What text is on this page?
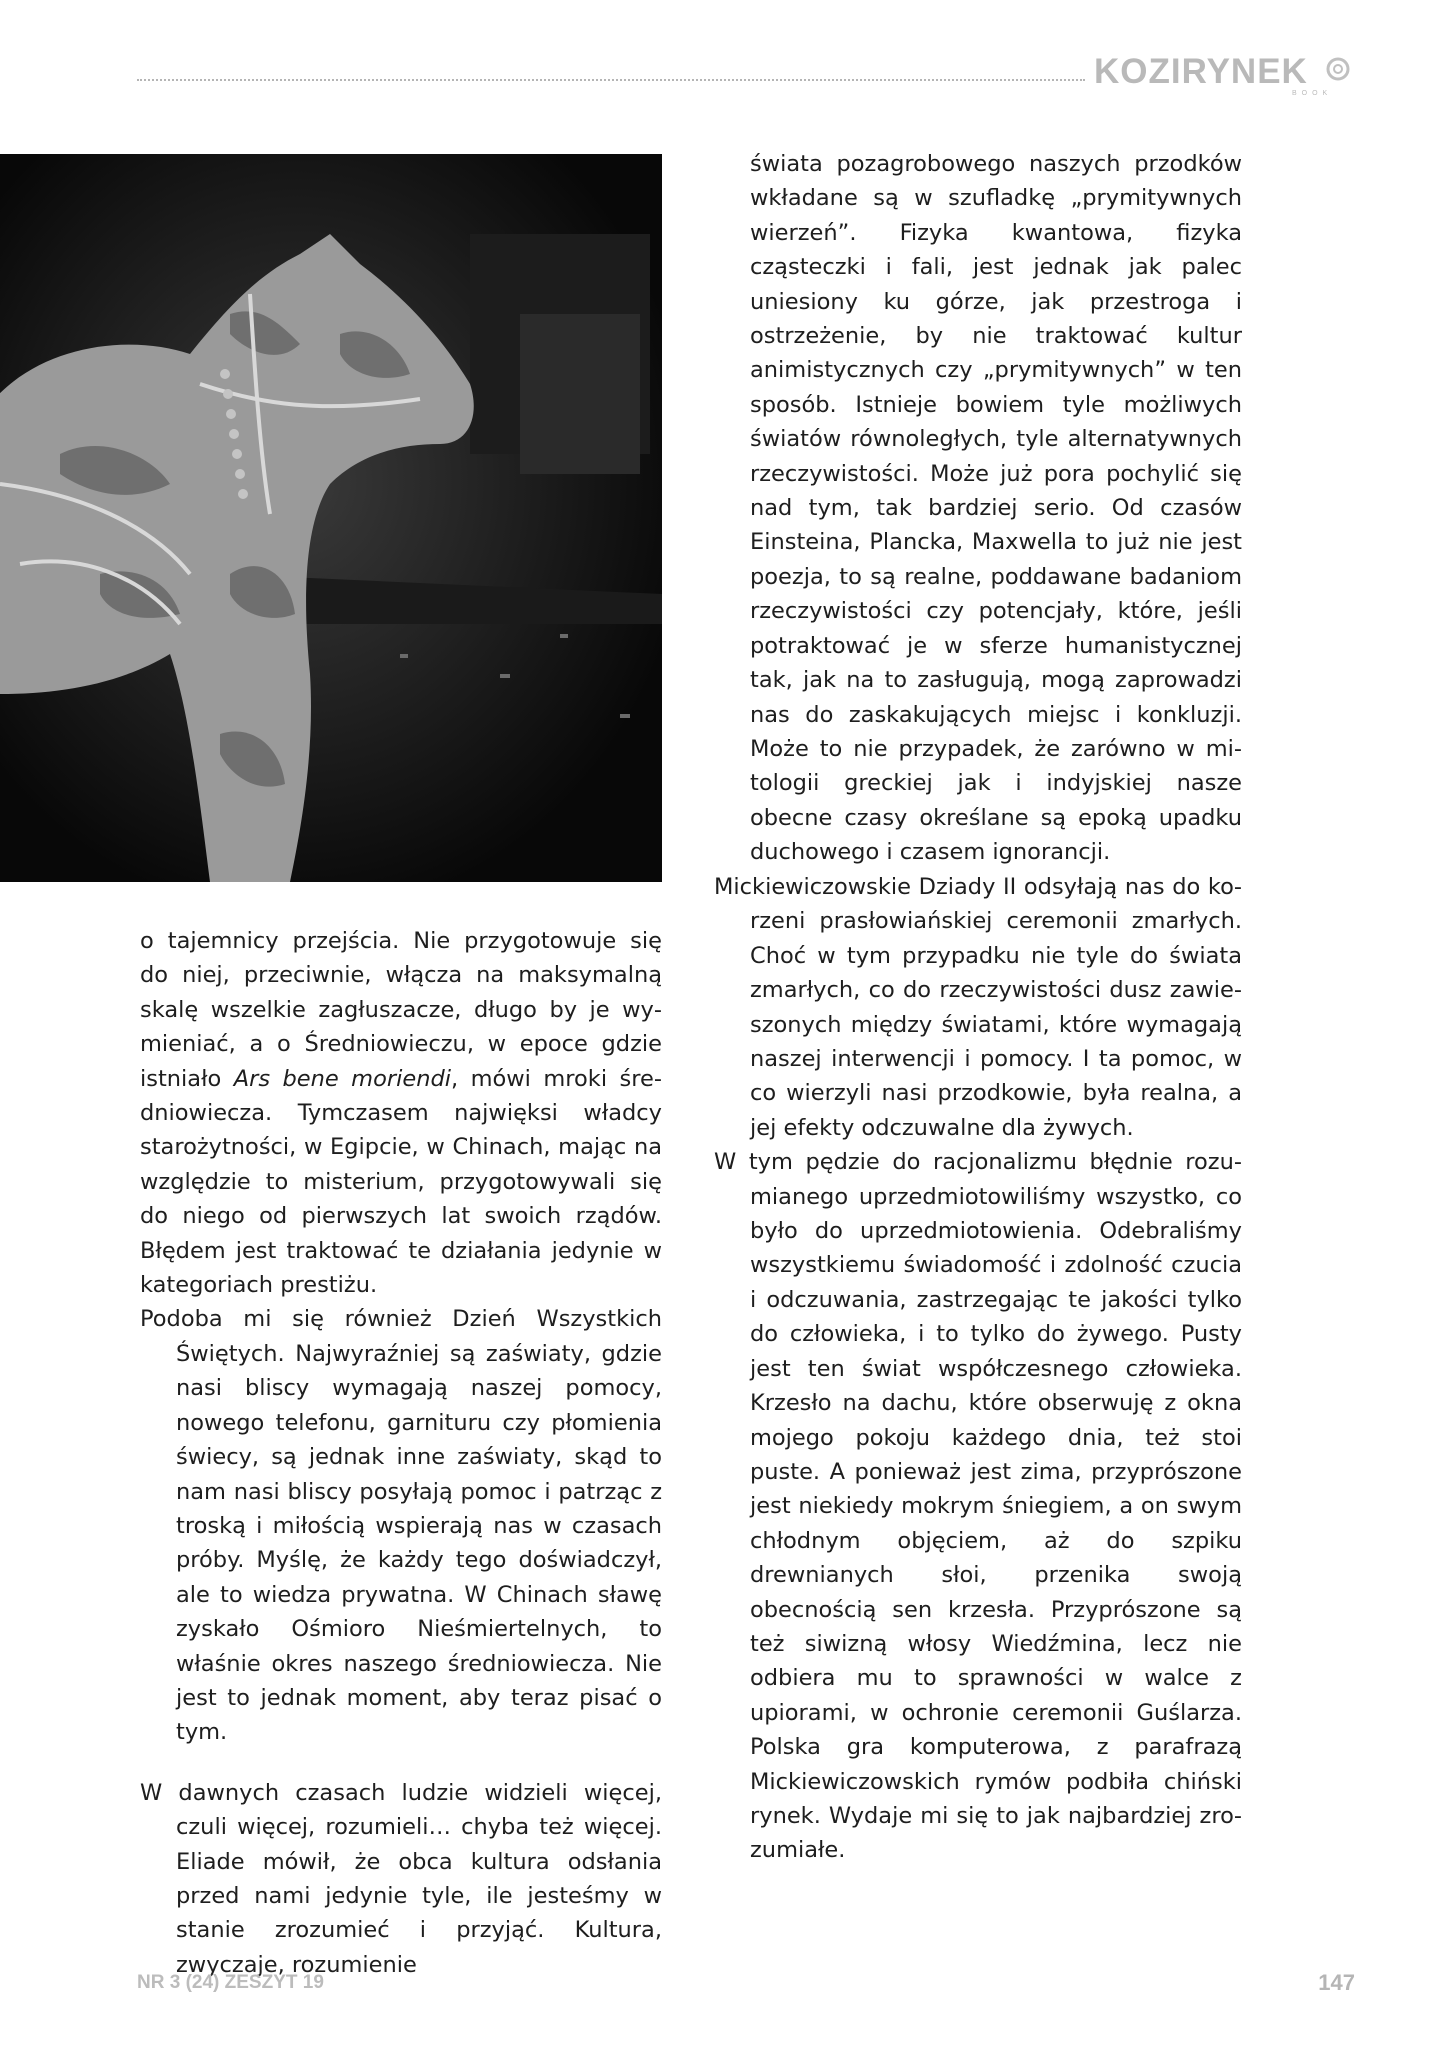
KOZIRYNEK
BOOK

świata pozagrobowego naszych przodków wkładane są w szufladkę „prymitywnych wierzeń”. Fizyka kwantowa, fizyka cząsteczki i fali, jest jednak jak palec uniesiony ku górze, jak przestroga i ostrzeżenie, by nie traktować kultur animistycznych czy „prymitywnych” w ten sposób. Istnieje bowiem tyle możliwych światów równoległych, tyle alternatywnych rzeczywistości. Może już pora pochylić się nad tym, tak bardziej serio. Od czasów Einsteina, Plancka, Maxwella to już nie jest poezja, to są realne, poddawane badaniom rzeczywistości czy potencjały, które, jeśli potraktować je w sferze humanistycznej tak, jak na to zasługują, mogą zaprowadzi nas do zaskakujących miejsc i konkluzji. Może to nie przypadek, że zarówno w mitologii greckiej jak i indyjskiej nasze obecne czasy określane są epoką upadku duchowego i czasem ignorancji.

o tajemnicy przejścia. Nie przygotowuje się do niej, przeciwnie, włącza na maksymalną skalę wszelkie zagłuszacze, długo by je wymieniać, a o Średniowieczu, w epoce gdzie istniało Ars bene moriendi, mówi mroki średniowiecza. Tymczasem najwięksi władcy starożytności, w Egipcie, w Chinach, mając na względzie to misterium, przygotowywali się do niego od pierwszych lat swoich rządów. Błędem jest traktować te działania jedynie w kategoriach prestiżu.

Podoba mi się również Dzień Wszystkich Świętych. Najwyraźniej są zaświaty, gdzie nasi bliscy wymagają naszej pomocy, nowego telefonu, garnituru czy płomienia świecy, są jednak inne zaświaty, skąd to nam nasi bliscy posyłają pomoc i patrząc z troską i miłością wspierają nas w czasach próby. Myślę, że każdy tego doświadczył, ale to wiedza prywatna. W Chinach sławę zyskało Ośmioro Nieśmiertelnych, to właśnie okres naszego średniowiecza. Nie jest to jednak moment, aby teraz pisać o tym.

W dawnych czasach ludzie widzieli więcej, czuli więcej, rozumieli… chyba też więcej. Eliade mówił, że obca kultura odsłania przed nami jedynie tyle, ile jesteśmy w stanie zrozumieć i przyjąć. Kultura, zwyczaje, rozumienie

Mickiewiczowskie Dziady II odsyłają nas do korzeni prasłowiańskiej ceremonii zmarłych. Choć w tym przypadku nie tyle do świata zmarłych, co do rzeczywistości dusz zawieszonych między światami, które wymagają naszej interwencji i pomocy. I ta pomoc, w co wierzyli nasi przodkowie, była realna, a jej efekty odczuwalne dla żywych.

W tym pędzie do racjonalizmu błędnie rozumianego uprzedmiotowiliśmy wszystko, co było do uprzedmiotowienia. Odebraliśmy wszystkiemu świadomość i zdolność czucia i odczuwania, zastrzegając te jakości tylko do człowieka, i to tylko do żywego. Pusty jest ten świat współczesnego człowieka. Krzesło na dachu, które obserwuję z okna mojego pokoju każdego dnia, też stoi puste. A ponieważ jest zima, przyprószone jest niekiedy mokrym śniegiem, a on swym chłodnym objęciem, aż do szpiku drewnianych słoi, przenika swoją obecnością sen krzesła. Przyprószone są też siwizną włosy Wiedźmina, lecz nie odbiera mu to sprawności w walce z upiorami, w ochronie ceremonii Guślarza. Polska gra komputerowa, z parafrazą Mickiewiczowskich rymów podbiła chiński rynek. Wydaje mi się to jak najbardziej zrozumiałe.

NR 3 (24) ZESZYT 19	147
